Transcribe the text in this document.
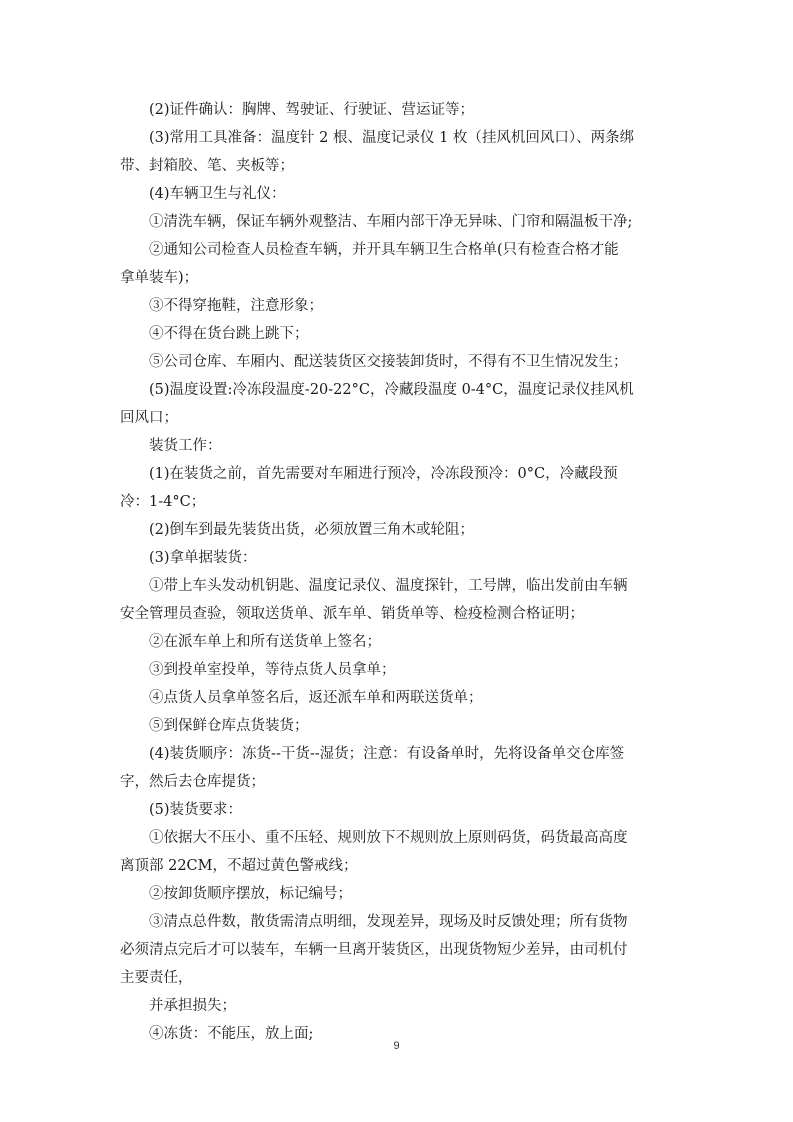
(2)证件确认：胸牌、驾驶证、行驶证、营运证等；
(3)常用工具准备：温度针 2 根、温度记录仪 1 枚（挂风机回风口）、两条绑
带、封箱胶、笔、夹板等；
(4)车辆卫生与礼仪：
①清洗车辆，保证车辆外观整洁、车厢内部干净无异味、门帘和隔温板干净;
②通知公司检查人员检查车辆，并开具车辆卫生合格单(只有检查合格才能
拿单装车)；
③不得穿拖鞋，注意形象；
④不得在货台跳上跳下；
⑤公司仓库、车厢内、配送装货区交接装卸货时，不得有不卫生情况发生；
(5)温度设置:冷冻段温度-20-22°C，冷藏段温度 0-4°C，温度记录仪挂风机
回风口；
装货工作：
(1)在装货之前，首先需要对车厢进行预冷，冷冻段预冷：0°C，冷藏段预
冷：1-4°C；
(2)倒车到最先装货出货，必须放置三角木或轮阻；
(3)拿单据装货：
①带上车头发动机钥匙、温度记录仪、温度探针，工号牌，临出发前由车辆
安全管理员查验，领取送货单、派车单、销货单等、检疫检测合格证明；
②在派车单上和所有送货单上签名；
③到投单室投单，等待点货人员拿单；
④点货人员拿单签名后，返还派车单和两联送货单；
⑤到保鲜仓库点货装货；
(4)装货顺序：冻货--干货--湿货；注意：有设备单时，先将设备单交仓库签
字，然后去仓库提货；
(5)装货要求：
①依据大不压小、重不压轻、规则放下不规则放上原则码货，码货最高高度
离顶部 22CM，不超过黄色警戒线；
②按卸货顺序摆放，标记编号；
③清点总件数，散货需清点明细，发现差异，现场及时反馈处理；所有货物
必须清点完后才可以装车，车辆一旦离开装货区，出现货物短少差异，由司机付
主要责任，
并承担损失；
④冻货：不能压，放上面;
9
